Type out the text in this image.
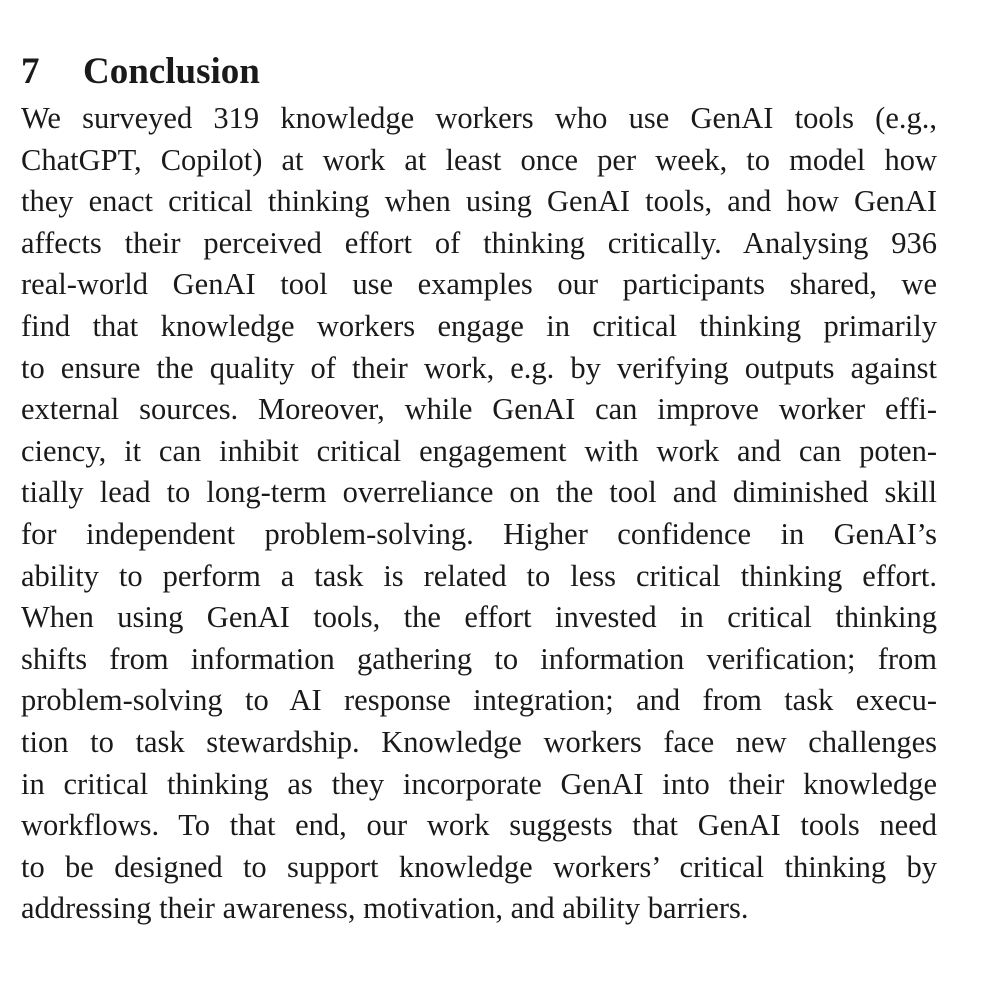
7	Conclusion

We surveyed 319 knowledge workers who use GenAI tools (e.g.,
ChatGPT, Copilot) at work at least once per week, to model how
they enact critical thinking when using GenAI tools, and how GenAI
affects their perceived effort of thinking critically. Analysing 936
real-world GenAI tool use examples our participants shared, we
find that knowledge workers engage in critical thinking primarily
to ensure the quality of their work, e.g. by verifying outputs against
external sources. Moreover, while GenAI can improve worker effi-
ciency, it can inhibit critical engagement with work and can poten-
tially lead to long-term overreliance on the tool and diminished skill
for independent problem-solving. Higher confidence in GenAI’s
ability to perform a task is related to less critical thinking effort.
When using GenAI tools, the effort invested in critical thinking
shifts from information gathering to information verification; from
problem-solving to AI response integration; and from task execu-
tion to task stewardship. Knowledge workers face new challenges
in critical thinking as they incorporate GenAI into their knowledge
workflows. To that end, our work suggests that GenAI tools need
to be designed to support knowledge workers’ critical thinking by
addressing their awareness, motivation, and ability barriers.
